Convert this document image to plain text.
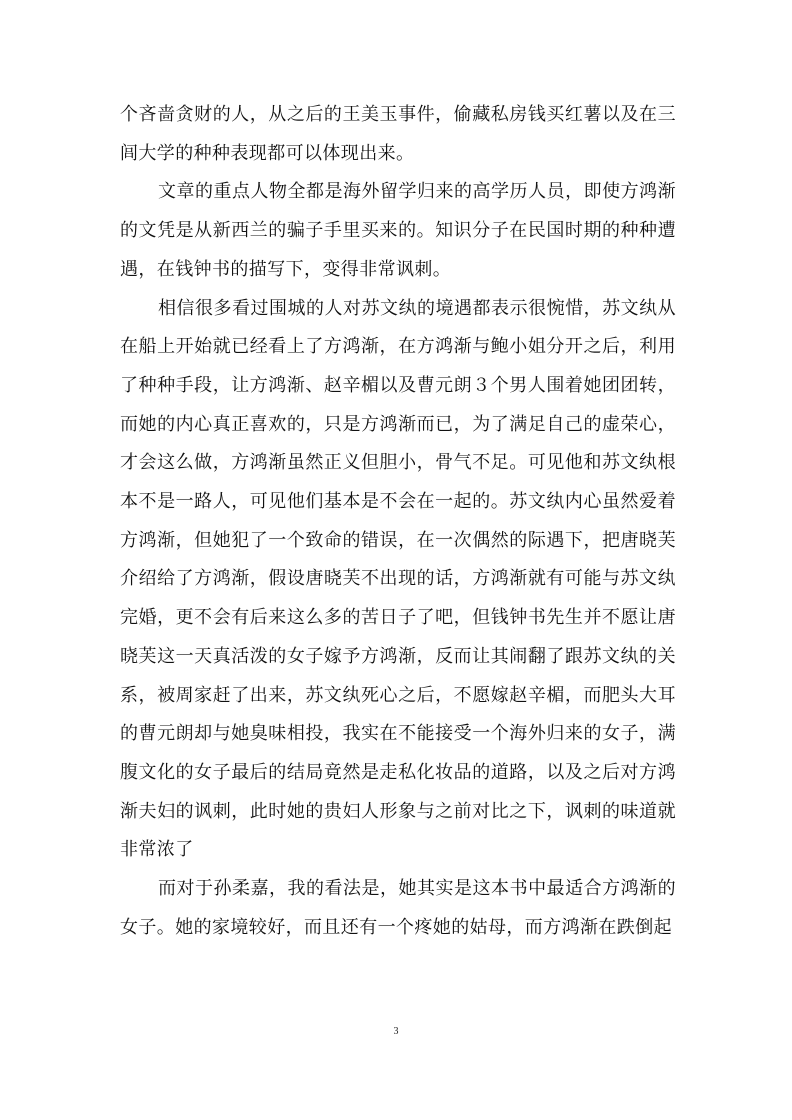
个吝啬贪财的人，从之后的王美玉事件，偷藏私房钱买红薯以及在三闾大学的种种表现都可以体现出来。

文章的重点人物全都是海外留学归来的高学历人员，即使方鸿渐的文凭是从新西兰的骗子手里买来的。知识分子在民国时期的种种遭遇，在钱钟书的描写下，变得非常讽刺。

相信很多看过围城的人对苏文纨的境遇都表示很惋惜，苏文纨从在船上开始就已经看上了方鸿渐，在方鸿渐与鲍小姐分开之后，利用了种种手段，让方鸿渐、赵辛楣以及曹元朗３个男人围着她团团转，而她的内心真正喜欢的，只是方鸿渐而已，为了满足自己的虚荣心，才会这么做，方鸿渐虽然正义但胆小，骨气不足。可见他和苏文纨根本不是一路人，可见他们基本是不会在一起的。苏文纨内心虽然爱着方鸿渐，但她犯了一个致命的错误，在一次偶然的际遇下，把唐晓芙介绍给了方鸿渐，假设唐晓芙不出现的话，方鸿渐就有可能与苏文纨完婚，更不会有后来这么多的苦日子了吧，但钱钟书先生并不愿让唐晓芙这一天真活泼的女子嫁予方鸿渐，反而让其闹翻了跟苏文纨的关系，被周家赶了出来，苏文纨死心之后，不愿嫁赵辛楣，而肥头大耳的曹元朗却与她臭味相投，我实在不能接受一个海外归来的女子，满腹文化的女子最后的结局竟然是走私化妆品的道路，以及之后对方鸿渐夫妇的讽刺，此时她的贵妇人形象与之前对比之下，讽刺的味道就非常浓了

而对于孙柔嘉，我的看法是，她其实是这本书中最适合方鸿渐的女子。她的家境较好，而且还有一个疼她的姑母，而方鸿渐在跌倒起

3
